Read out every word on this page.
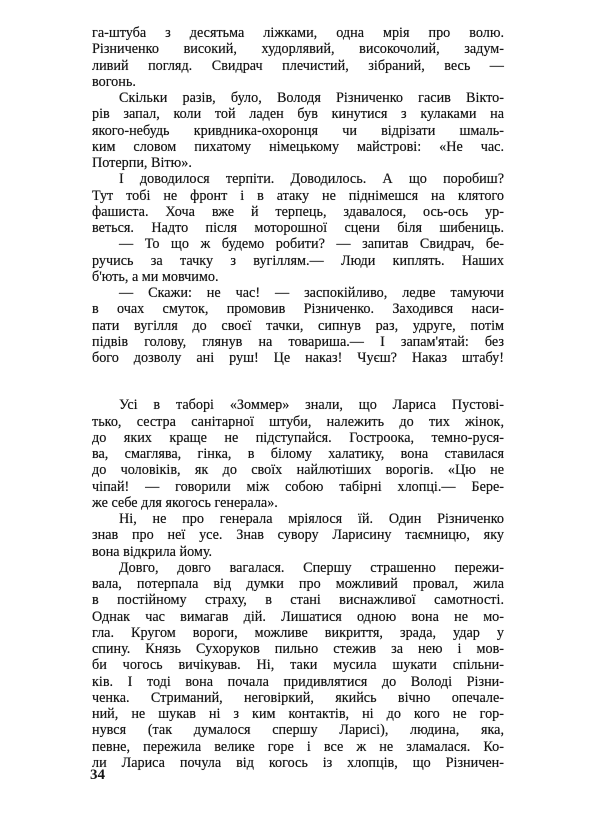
га-штуба з десятьма ліжками, одна мрія про волю.
Різниченко високий, худорлявий, високочолий, задум-
ливий погляд. Свидрач плечистий, зібраний, весь —
вогонь.
Скільки разів, було, Володя Різниченко гасив Вікто-
рів запал, коли той ладен був кинутися з кулаками на
якого-небудь кривдника-охоронця чи відрізати шмаль-
ким словом пихатому німецькому майстрові: «Не час.
Потерпи, Вітю».
І доводилося терпіти. Доводилось. А що поробиш?
Тут тобі не фронт і в атаку не піднімешся на клятого
фашиста. Хоча вже й терпець, здавалося, ось-ось ур-
веться. Надто після моторошної сцени біля шибениць.
— То що ж будемо робити? — запитав Свидрач, бе-
ручись за тачку з вугіллям.— Люди киплять. Наших
б'ють, а ми мовчимо.
— Скажи: не час! — заспокійливо, ледве тамуючи
в очах смуток, промовив Різниченко. Заходився наси-
пати вугілля до своєї тачки, сипнув раз, удруге, потім
підвів голову, глянув на товариша.— І запам'ятай: без
бого дозволу ані руш! Це наказ! Чуєш? Наказ штабу!
Усі в таборі «Зоммер» знали, що Лариса Пустові-
тько, сестра санітарної штуби, належить до тих жінок,
до яких краще не підступайся. Гостроока, темно-руся-
ва, смаглява, гінка, в білому халатику, вона ставилася
до чоловіків, як до своїх найлютіших ворогів. «Цю не
чіпай! — говорили між собою табірні хлопці.— Бере-
же себе для якогось генерала».
Ні, не про генерала мріялося їй. Один Різниченко
знав про неї усе. Знав сувору Ларисину таємницю, яку
вона відкрила йому.
Довго, довго вагалася. Спершу страшенно пережи-
вала, потерпала від думки про можливий провал, жила
в постійному страху, в стані виснажливої самотності.
Однак час вимагав дій. Лишатися одною вона не мо-
гла. Кругом вороги, можливе викриття, зрада, удар у
спину. Князь Сухоруков пильно стежив за нею і мов-
би чогось вичікував. Ні, таки мусила шукати спільни-
ків. І тоді вона почала придивлятися до Володі Різни-
ченка. Стриманий, неговіркий, якийсь вічно опечале-
ний, не шукав ні з ким контактів, ні до кого не гор-
нувся (так думалося спершу Ларисі), людина, яка,
певне, пережила велике горе і все ж не зламалася. Ко-
ли Лариса почула від когось із хлопців, що Різничен-
34
